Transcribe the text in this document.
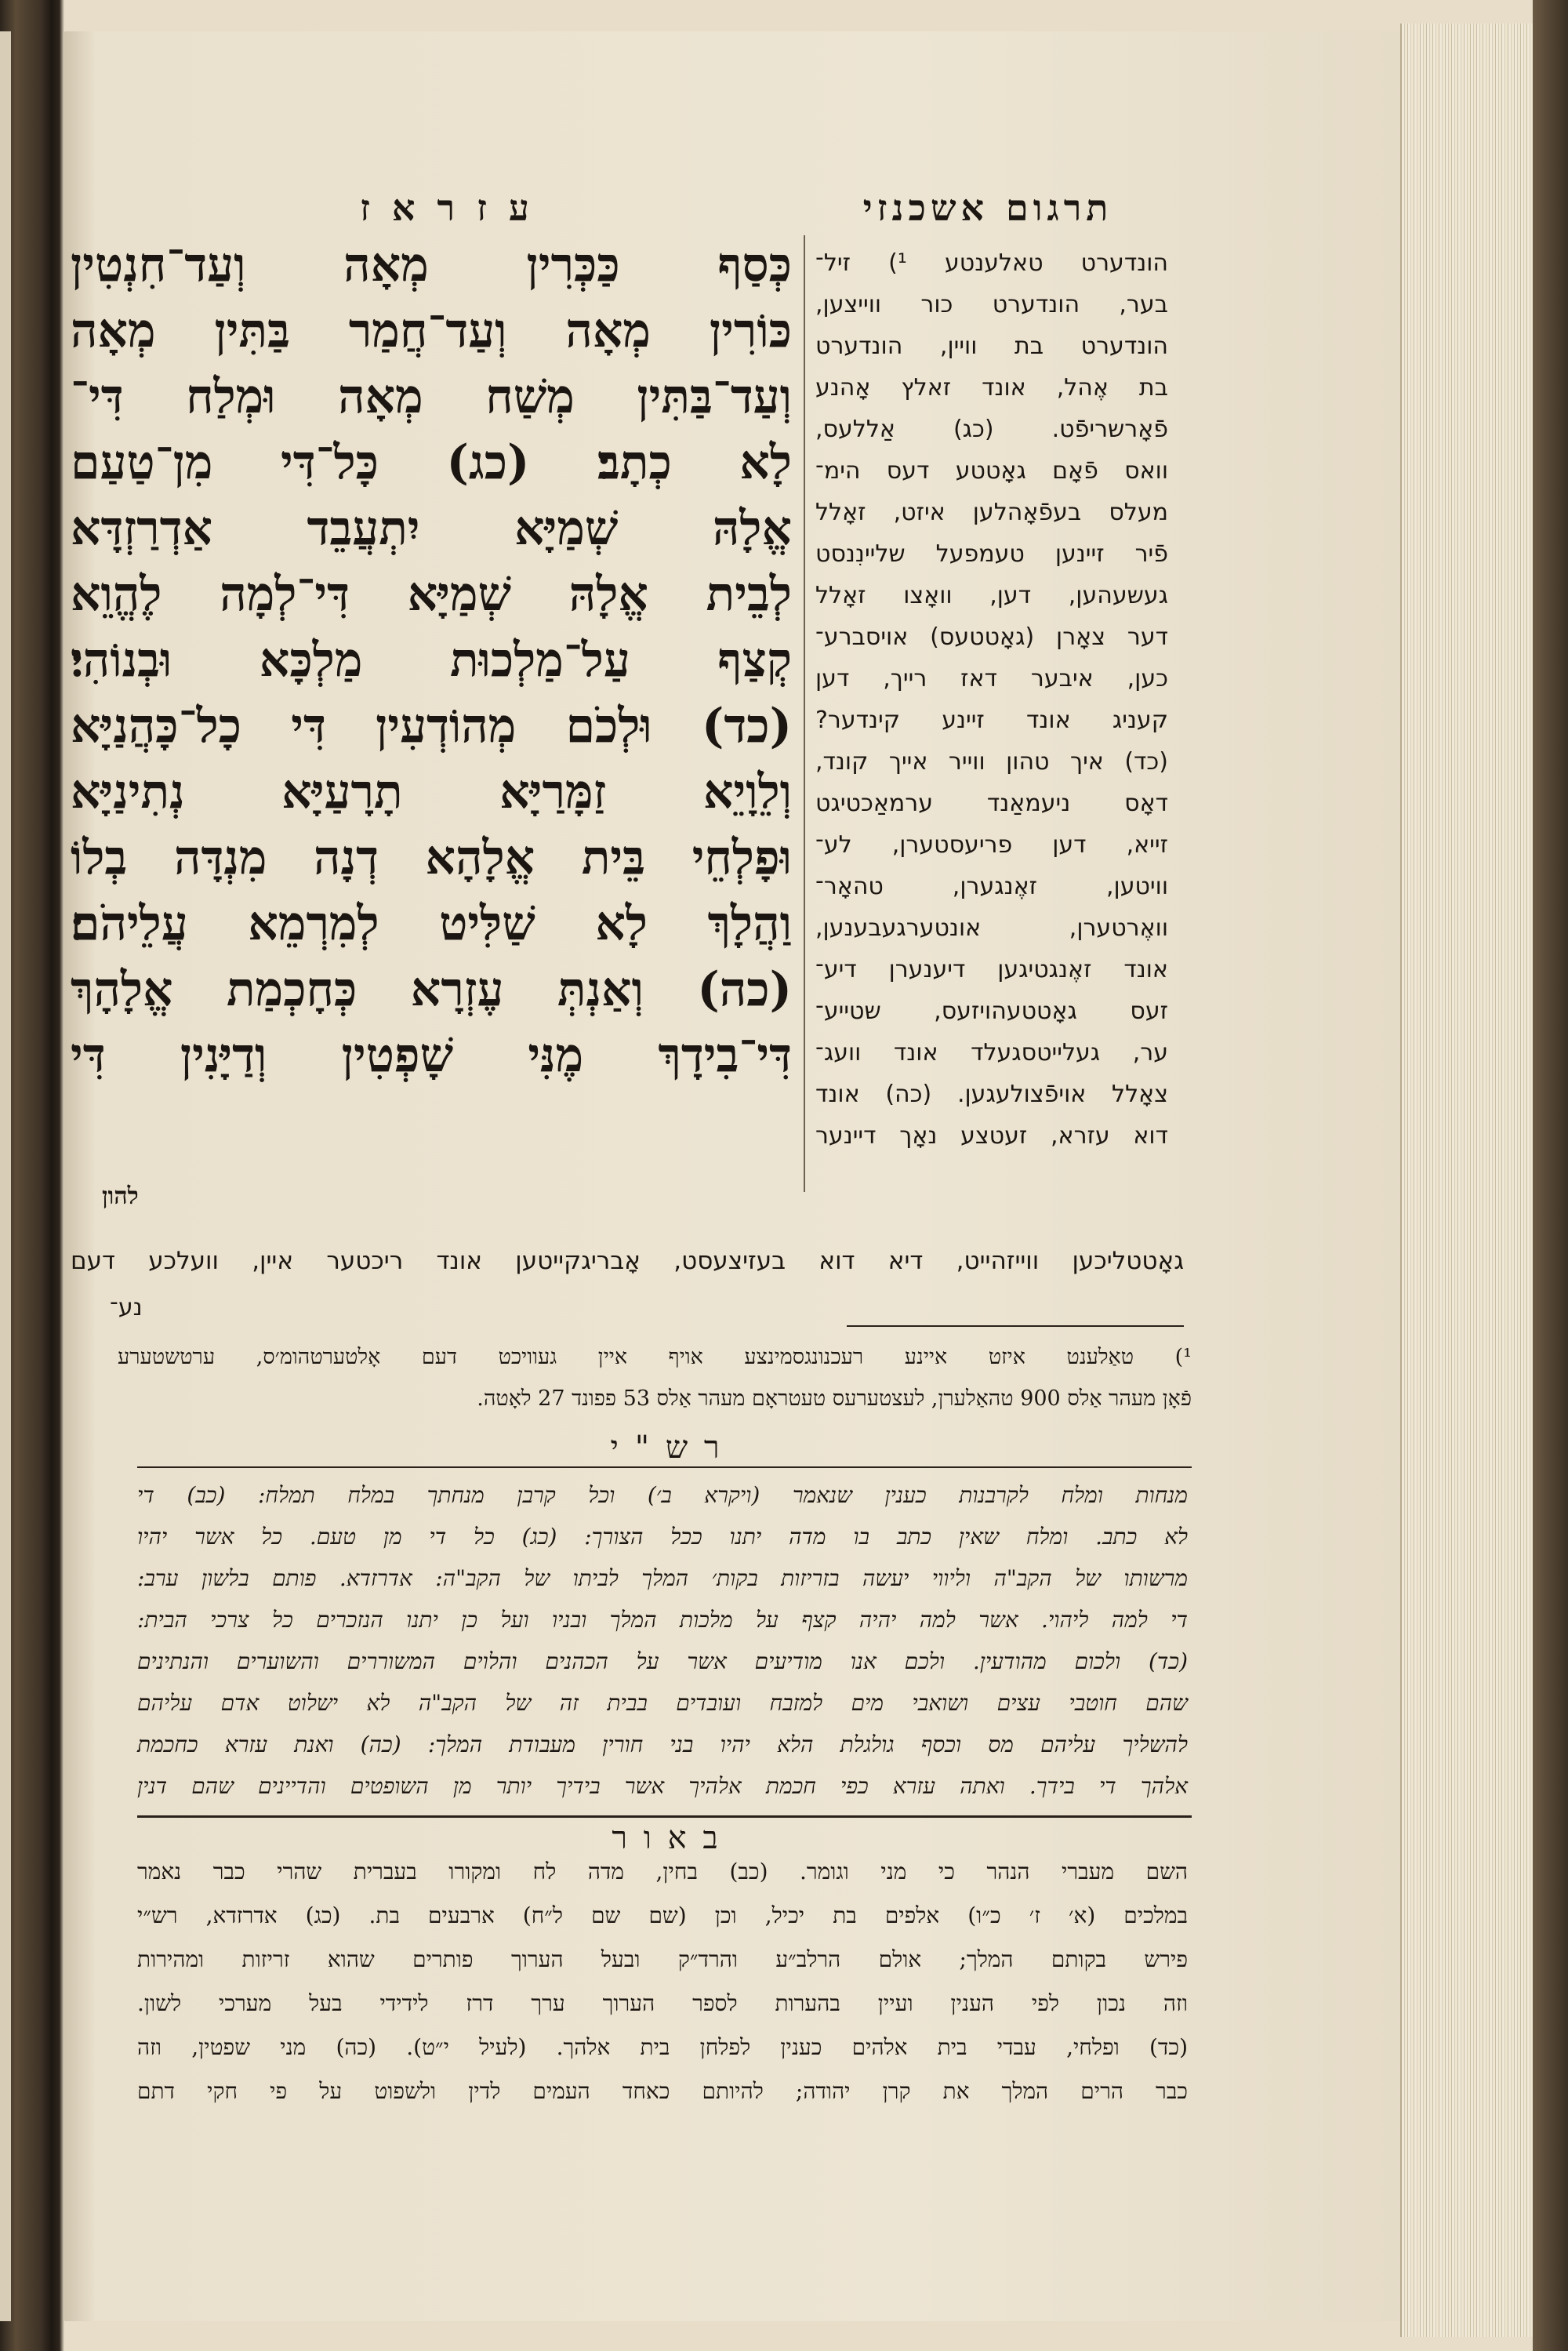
תרגום אשכנזי
ע ז ר א ז
כְּסַף כַּכְּרִין מְאָה וְעַד־חִנְטִין
כּוֹרִין מְאָה וְעַד־חֲמַר בַּתִּין מְאָה
וְעַד־בַּתִּין מְשַׁח מְאָה וּמְלַח דִּי־
לָא כְתָב׃ (כג) כָּל־דִּי מִן־טַעַם
אֱלָהּ שְׁמַיָּא יִתְעֲבֵד אַדְרַזְדָּא
לְבֵית אֱלָהּ שְׁמַיָּא דִּי־לְמָה לֶהֱוֵא
קְצַף עַל־מַלְכוּת מַלְכָּא וּבְנוֹהִי׃
(כד) וּלְכֹם מְהוֹדְעִין דִּי כָל־כָּהֲנַיָּא
וְלֵוָיֵא זַמָּרַיָּא תָרָעַיָּא נְתִינַיָּא
וּפָלְחֵי בֵּית אֱלָהָא דְנָה מִנְדָּה בְלוֹ
וַהֲלָךְ לָא שַׁלִּיט לְמִרְמֵא עֲלֵיהֹם׃
(כה) וְאַנְתְּ עֶזְרָא כְּחָכְמַת אֱלָהָךְ
דִּי־בִידָךְ מֶנִּי שָׁפְטִין וְדַיָּנִין דִּי
להון
הונדערט טאלענטע ¹) זיל־
בער, הונדערט כור ווייצען,
הונדערט בת וויין, הונדערט
בת אֶהל, אונד זאלץ אָהנע
פֿאָרשריפֿט. (כג) אַללעס,
וואס פֿאָם גאָטטע דעס הימ־
מעלס בעפֿאָהלען איזט, זאָלל
פֿיר זיינען טעמפעל שליינִנסט
געשעהען, דען, וואָצו זאָלל
דער צאָרן (גאָטטעס) אויסברע־
כען, איבער דאז רייך, דען
קעניג אונד זיינע קינדער?
(כד) איך טהון ווייר אייך קונד,
דאָס ניעמאַנד ערמאַכטיגט
זייא, דען פריעסטערן, לע־
וויטען, זאֶנגערן, טהאָר־
וואֶרטערן, אונטערגעבענען,
אונד זאֶנגטיגען דיענערן דיע־
זעס גאָטטעהויזעס, שטייע־
ער, געלייטסגעלד אונד וועג־
צאָלל אויפֿצולעגען. (כה) אונד
דוא עזרא, זעטצע נאָך דיינער
גאָטטליכען ווייזהייט, דיא דוא בעזיצעסט, אָבריגקייטען אונד ריכטער איין, וועלכע דעם
נע־
¹) טאַלענט איזט איינע רעכנונגסמינצע אויף איין געוויכט דעם אָלטערטהומ׳ס, ערטשטערע
פֿאָן מעהר אַלס 900 טהאַלערן, לעצטערעס טעטראָם מעהר אַלס 53 פפונד 27 לאָטה.
ר ש " י
מנחות ומלח לקרבנות כענין שנאמר (ויקרא ב׳) וכל קרבן מנחתך במלח תמלח: (כב) די
לא כתב. ומלח שאין כתב בו מדה יתנו ככל הצורך: (כג) כל די מן טעם. כל אשר יהיו
מרשותו של הקב"ה וליווי יעשה בזריזות בקות׳ המלך לביתו של הקב"ה: אדרזדא. פותם בלשון ערב:
די למה ליהוי. אשר למה יהיה קצף על מלכות המלך ובניו ועל כן יתנו הנזכרים כל צרכי הבית:
(כד) ולכום מהודעין. ולכם אנו מודיעים אשר על הכהנים והלוים המשוררים והשוערים והנתינים
שהם חוטבי עצים ושואבי מים למזבח ועובדים בבית זה של הקב"ה לא ישלוט אדם עליהם
להשליך עליהם מס וכסף גולגלת הלא יהיו בני חורין מעבודת המלך: (כה) ואנת עזרא כחכמת
אלהך די בידך. ואתה עזרא כפי חכמת אלהיך אשר בידיך יותר מן השופטים והדיינים שהם דנין
ב א ו ר
השם מעברי הנהר כי מני וגומר. (כב) בחין, מדה לח ומקורו בעברית שהרי כבר נאמר
במלכים (א׳ ז׳ כ״ו) אלפים בת יכיל, וכן (שם שם ל״ח) ארבעים בת. (כג) אדרזדא, רש״י
פירש בקותם המלך; אולם הרלב״ע והרד״ק ובעל הערוך פותרים שהוא זריזות ומהירות
וזה נכון לפי הענין ועיין בהערות לספר הערוך ערך דרז לידידי בעל מערכי לשון.
(כד) ופלחי, עבדי בית אלהים כענין לפלחן בית אלהך. (לעיל י״ט). (כה) מני שפטין, וזה
כבר הרים המלך את קרן יהודה; להיותם כאחד העמים לדין ולשפוט על פי חקי דתם
